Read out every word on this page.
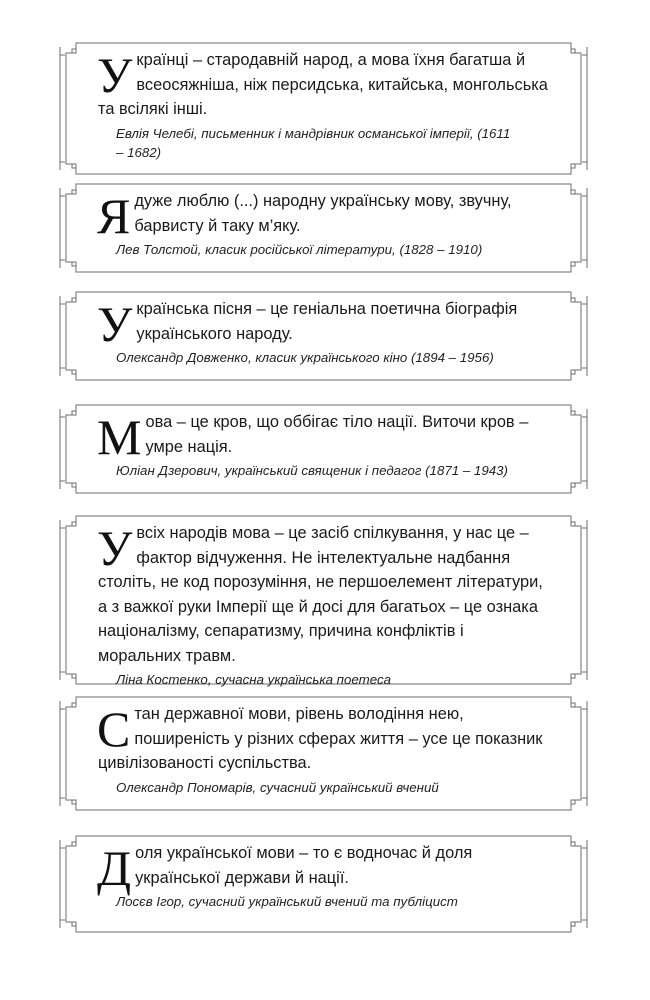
Українці – стародавній народ, а мова їхня багатша й всеосяжніша, ніж персидська, китайська, монгольська та всілякі інші.

Евлія Челебі, письменник і мандрівник османської імперії, (1611 – 1682)

Ядуже люблю (...) народну українську мову, звучну, барвисту й таку м’яку.

Лев Толстой, класик російської літератури, (1828 – 1910)

Українська пісня – це геніальна поетична біографія українського народу.

Олександр Довженко, класик українського кіно (1894 – 1956)

Мова – це кров, що оббігає тіло нації. Виточи кров – умре нація.

Юліан Дзерович, український священик і педагог (1871 – 1943)

Увсіх народів мова – це засіб спілкування, у нас це – фактор відчуження. Не інтелектуальне надбання століть, не код порозуміння, не першоелемент літератури, а з важкої руки Імперії ще й досі для багатьох – це ознака націоналізму, сепаратизму, причина конфліктів і моральних травм.

Ліна Костенко, сучасна українська поетеса

Стан державної мови, рівень володіння нею, поширеність у різних сферах життя – усе це показник цивілізованості суспільства.

Олександр Пономарів, сучасний український вчений

Доля української мови – то є водночас й доля української держави й нації.

Лосєв Ігор, сучасний український вчений та публіцист
